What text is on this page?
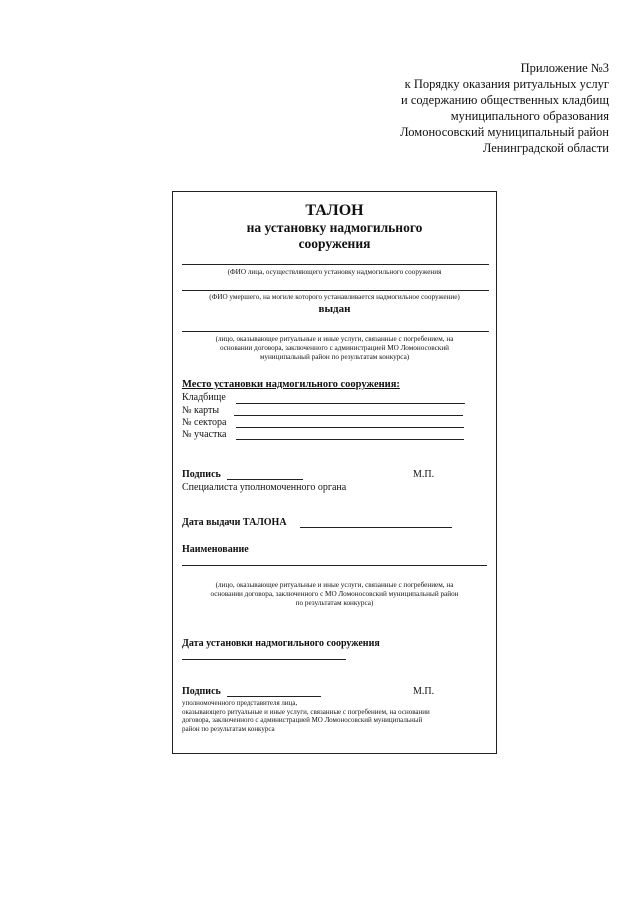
Приложение №3
к Порядку оказания ритуальных услуг
и содержанию общественных кладбищ
муниципального образования
Ломоносовский муниципальный район
Ленинградской области
ТАЛОН
на установку надмогильного
сооружения
(ФИО лица, осуществляющего установку надмогильного сооружения
(ФИО умершего, на могиле которого устанавливается надмогильное сооружение)
выдан
(лицо, оказывающее ритуальные и иные услуги, связанные с погребением, на
основании договора, заключенного с администрацией МО Ломоносовский
муниципальный район по результатам конкурса)
Место установки надмогильного сооружения:
Кладбище
№ карты
№ сектора
№ участка
Подпись	М.П.
Специалиста уполномоченного органа
Дата выдачи ТАЛОНА
Наименование
(лицо, оказывающее ритуальные и иные услуги, связанные с погребением, на
основании договора, заключенного с МО Ломоносовский муниципальный район
по результатам конкурса)
Дата установки надмогильного сооружения
Подпись	М.П.
уполномоченного представителя лица,
оказывающего ритуальные и иные услуги, связанные с погребением, на основании
договора, заключенного с администрацией МО Ломоносовский муниципальный
район по результатам конкурса
